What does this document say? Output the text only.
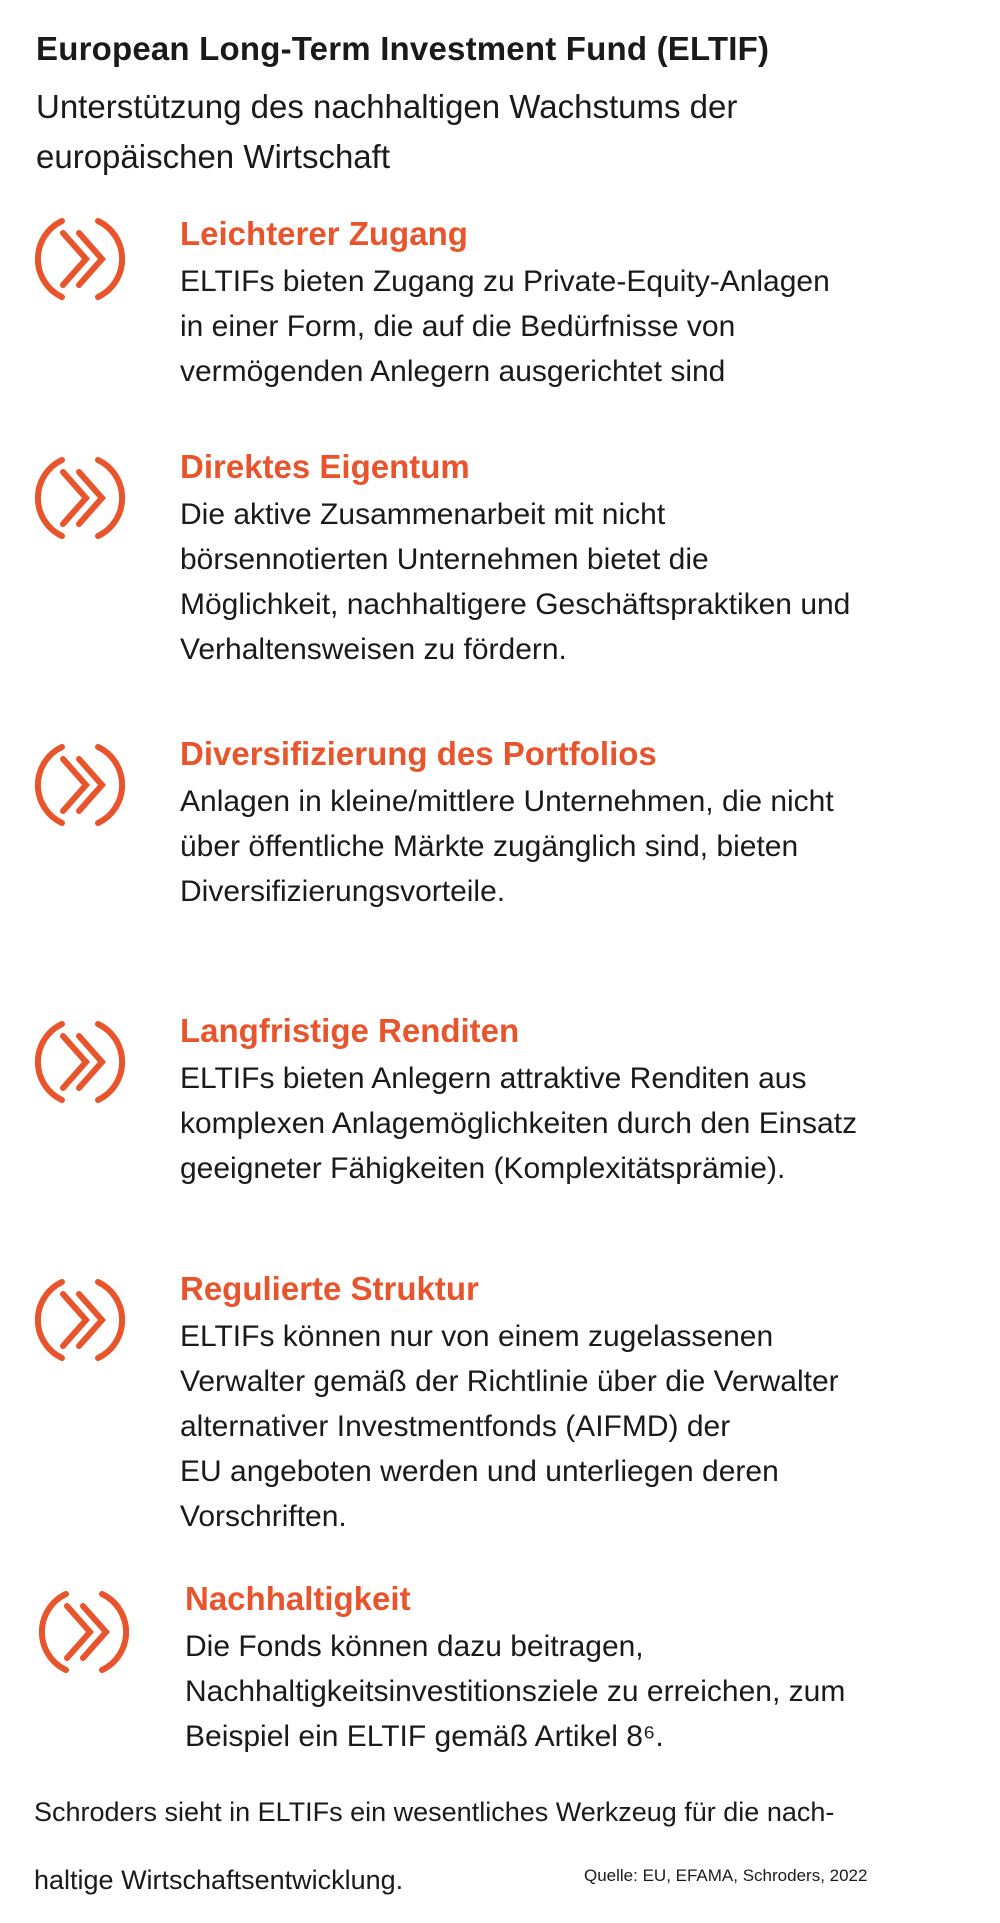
European Long-Term Investment Fund (ELTIF)
Unterstützung des nachhaltigen Wachstums der
europäischen Wirtschaft
Leichterer Zugang
ELTIFs bieten Zugang zu Private-Equity-Anlagen
in einer Form, die auf die Bedürfnisse von
vermögenden Anlegern ausgerichtet sind
Direktes Eigentum
Die aktive Zusammenarbeit mit nicht
börsennotierten Unternehmen bietet die
Möglichkeit, nachhaltigere Geschäftspraktiken und
Verhaltensweisen zu fördern.
Diversifizierung des Portfolios
Anlagen in kleine/mittlere Unternehmen, die nicht
über öffentliche Märkte zugänglich sind, bieten
Diversifizierungsvorteile.
Langfristige Renditen
ELTIFs bieten Anlegern attraktive Renditen aus
komplexen Anlagemöglichkeiten durch den Einsatz
geeigneter Fähigkeiten (Komplexitätsprämie).
Regulierte Struktur
ELTIFs können nur von einem zugelassenen
Verwalter gemäß der Richtlinie über die Verwalter
alternativer Investmentfonds (AIFMD) der
EU angeboten werden und unterliegen deren
Vorschriften.
Nachhaltigkeit
Die Fonds können dazu beitragen,
Nachhaltigkeitsinvestitionsziele zu erreichen, zum
Beispiel ein ELTIF gemäß Artikel 8⁶.
Schroders sieht in ELTIFs ein wesentliches Werkzeug für die nach-
haltige Wirtschaftsentwicklung.	Quelle: EU, EFAMA, Schroders, 2022
